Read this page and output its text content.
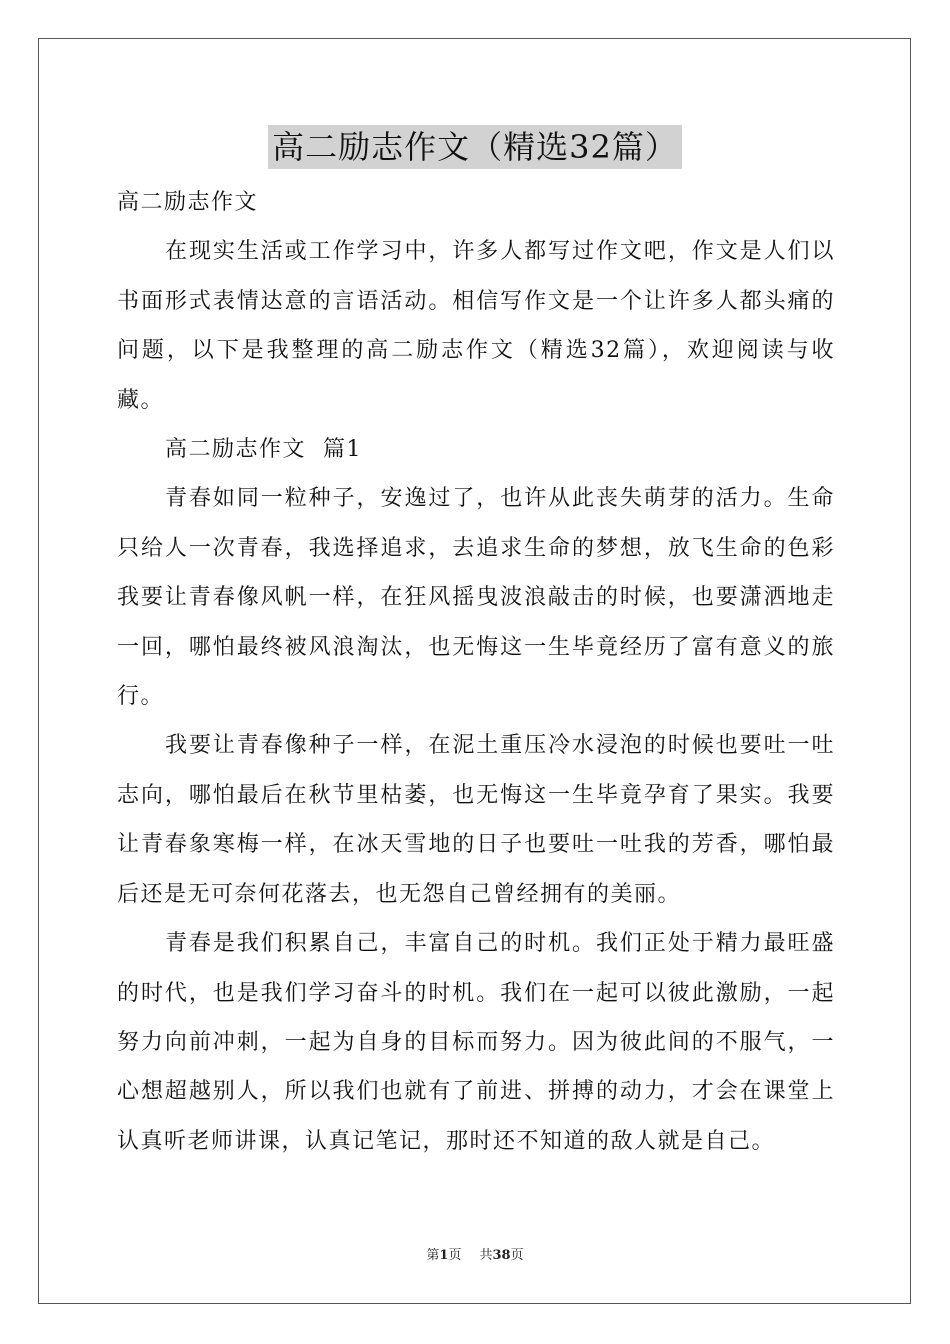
高二励志作文（精选32篇）

高二励志作文

在现实生活或工作学习中，许多人都写过作文吧，作文是人们以书面形式表情达意的言语活动。相信写作文是一个让许多人都头痛的问题，以下是我整理的高二励志作文（精选32篇），欢迎阅读与收藏。

高二励志作文  篇1

青春如同一粒种子，安逸过了，也许从此丧失萌芽的活力。生命只给人一次青春，我选择追求，去追求生命的梦想，放飞生命的色彩我要让青春像风帆一样，在狂风摇曳波浪敲击的时候，也要潇洒地走一回，哪怕最终被风浪淘汰，也无悔这一生毕竟经历了富有意义的旅行。

我要让青春像种子一样，在泥土重压冷水浸泡的时候也要吐一吐志向，哪怕最后在秋节里枯萎，也无悔这一生毕竟孕育了果实。我要让青春象寒梅一样，在冰天雪地的日子也要吐一吐我的芳香，哪怕最后还是无可奈何花落去，也无怨自己曾经拥有的美丽。

青春是我们积累自己，丰富自己的时机。我们正处于精力最旺盛的时代，也是我们学习奋斗的时机。我们在一起可以彼此激励，一起努力向前冲刺，一起为自身的目标而努力。因为彼此间的不服气，一心想超越别人，所以我们也就有了前进、拼搏的动力，才会在课堂上认真听老师讲课，认真记笔记，那时还不知道的敌人就是自己。

第1页 共38页
